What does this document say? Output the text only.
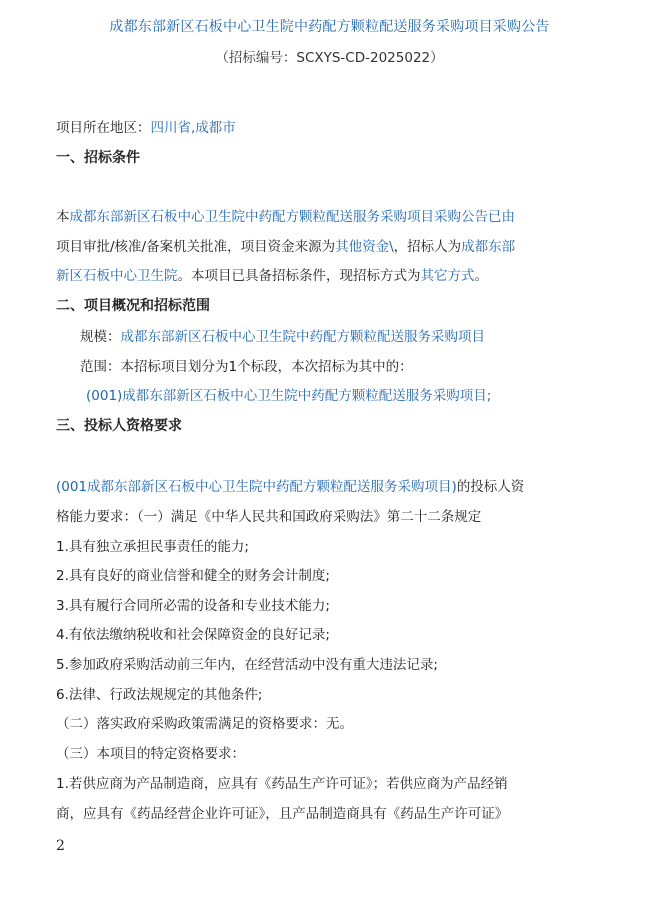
成都东部新区石板中心卫生院中药配方颗粒配送服务采购项目采购公告
（招标编号：SCXYS-CD-2025022）
项目所在地区：四川省,成都市
一、招标条件
本成都东部新区石板中心卫生院中药配方颗粒配送服务采购项目采购公告已由
项目审批/核准/备案机关批准，项目资金来源为其他资金\，招标人为成都东部
新区石板中心卫生院。本项目已具备招标条件，现招标方式为其它方式。
二、项目概况和招标范围
规模：成都东部新区石板中心卫生院中药配方颗粒配送服务采购项目
范围：本招标项目划分为1个标段，本次招标为其中的：
(001)成都东部新区石板中心卫生院中药配方颗粒配送服务采购项目;
三、投标人资格要求
(001成都东部新区石板中心卫生院中药配方颗粒配送服务采购项目)的投标人资
格能力要求：（一）满足《中华人民共和国政府采购法》第二十二条规定
1.具有独立承担民事责任的能力;
2.具有良好的商业信誉和健全的财务会计制度;
3.具有履行合同所必需的设备和专业技术能力;
4.有依法缴纳税收和社会保障资金的良好记录;
5.参加政府采购活动前三年内，在经营活动中没有重大违法记录;
6.法律、行政法规规定的其他条件;
（二）落实政府采购政策需满足的资格要求：无。
（三）本项目的特定资格要求：
1.若供应商为产品制造商，应具有《药品生产许可证》；若供应商为产品经销
商，应具有《药品经营企业许可证》，且产品制造商具有《药品生产许可证》
2
